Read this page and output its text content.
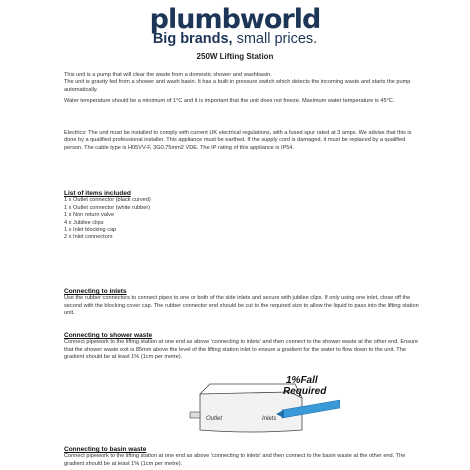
plumbworld
Big brands, small prices.
250W Lifting Station

This unit is a pump that will clear the waste from a domestic shower and washbasin.

The unit is gravity fed from a shower and wash basin. It has a built-in pressure switch which detects the incoming waste and starts the pump automatically.

Water temperature should be a minimum of 1°C and it is important that the unit does not freeze. Maximum water temperature is 45°C.

Electrics: The unit must be installed to comply with current UK electrical regulations, with a fused spur rated at 3 amps. We advise that this is done by a qualified professional installer. This appliance must be earthed. If the supply cord is damaged, it must be replaced by a qualified person. The cable type is H05VV-F, 3G0.75mm2 VDE. The IP rating of this appliance is IP54.

List of items included

1 x Outlet connector (black curved)

1 x Outlet connector (white rubber)

1 x Non return valve

4 x Jubilee clips

1 x Inlet blocking cap

2 x Inlet connectors

Connecting to inlets

Use the rubber connectors to connect pipes to one or both of the side inlets and secure with jubilee clips. If only using one inlet, close off the second with the blocking cover cap. The rubber connector end should be cut to the required size to allow the liquid to pass into the lifting station unit.

Connecting to shower waste

Connect pipework to the lifting station at one end as above 'connecting to inlets' and then connect to the shower waste at the other end. Ensure that the shower waste exit is 85mm above the level of the lifting station inlet to ensure a gradient for the water to flow down to the unit. The gradient should be at least 1% (1cm per metre).

1%Fall
Required
Outlet	Inlets

Connecting to basin waste

Connect pipework to the lifting station at one end as above 'connecting to inlets' and then connect to the basin waste at the other end. The gradient should be at least 1% (1cm per metre).
